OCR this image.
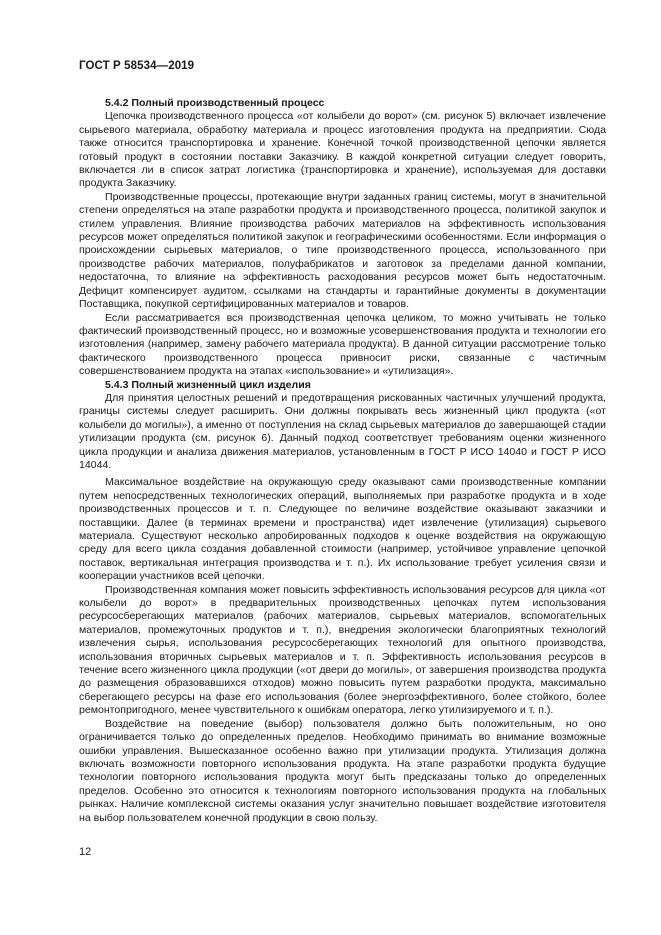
ГОСТ Р 58534—2019
5.4.2 Полный производственный процесс

Цепочка производственного процесса «от колыбели до ворот» (см. рисунок 5) включает извлечение сырьевого материала, обработку материала и процесс изготовления продукта на предприятии. Сюда также относится транспортировка и хранение. Конечной точкой производственной цепочки является готовый продукт в состоянии поставки Заказчику. В каждой конкретной ситуации следует говорить, включается ли в список затрат логистика (транспортировка и хранение), используемая для доставки продукта Заказчику.

Производственные процессы, протекающие внутри заданных границ системы, могут в значительной степени определяться на этапе разработки продукта и производственного процесса, политикой закупок и стилем управления. Влияние производства рабочих материалов на эффективность использования ресурсов может определяться политикой закупок и географическими особенностями. Если информация о происхождении сырьевых материалов, о типе производственного процесса, использованного при производстве рабочих материалов, полуфабрикатов и заготовок за пределами данной компании, недостаточна, то влияние на эффективность расходования ресурсов может быть недостаточным. Дефицит компенсирует аудитом, ссылками на стандарты и гарантийные документы в документации Поставщика, покупкой сертифицированных материалов и товаров.

Если рассматривается вся производственная цепочка целиком, то можно учитывать не только фактический производственный процесс, но и возможные усовершенствования продукта и технологии его изготовления (например, замену рабочего материала продукта). В данной ситуации рассмотрение только фактического производственного процесса привносит риски, связанные с частичным совершенствованием продукта на этапах «использование» и «утилизация».

5.4.3 Полный жизненный цикл изделия

Для принятия целостных решений и предотвращения рискованных частичных улучшений продукта, границы системы следует расширить. Они должны покрывать весь жизненный цикл продукта («от колыбели до могилы»), а именно от поступления на склад сырьевых материалов до завершающей стадии утилизации продукта (см. рисунок 6). Данный подход соответствует требованиям оценки жизненного цикла продукции и анализа движения материалов, установленным в ГОСТ Р ИСО 14040 и ГОСТ Р ИСО 14044.

Максимальное воздействие на окружающую среду оказывают сами производственные компании путем непосредственных технологических операций, выполняемых при разработке продукта и в ходе производственных процессов и т. п. Следующее по величине воздействие оказывают заказчики и поставщики. Далее (в терминах времени и пространства) идет извлечение (утилизация) сырьевого материала. Существуют несколько апробированных подходов к оценке воздействия на окружающую среду для всего цикла создания добавленной стоимости (например, устойчивое управление цепочкой поставок, вертикальная интеграция производства и т. п.). Их использование требует усиления связи и кооперации участников всей цепочки.

Производственная компания может повысить эффективность использования ресурсов для цикла «от колыбели до ворот» в предварительных производственных цепочках путем использования ресурсосберегающих материалов (рабочих материалов, сырьевых материалов, вспомогательных материалов, промежуточных продуктов и т. п.), внедрения экологически благоприятных технологий извлечения сырья, использования ресурсосберегающих технологий для опытного производства, использования вторичных сырьевых материалов и т. п. Эффективность использования ресурсов в течение всего жизненного цикла продукции («от двери до могилы», от завершения производства продукта до размещения образовавшихся отходов) можно повысить путем разработки продукта, максимально сберегающего ресурсы на фазе его использования (более энергоэффективного, более стойкого, более ремонтопригодного, менее чувствительного к ошибкам оператора, легко утилизируемого и т. п.).

Воздействие на поведение (выбор) пользователя должно быть положительным, но оно ограничивается только до определенных пределов. Необходимо принимать во внимание возможные ошибки управления. Вышесказанное особенно важно при утилизации продукта. Утилизация должна включать возможности повторного использования продукта. На этапе разработки продукта будущие технологии повторного использования продукта могут быть предсказаны только до определенных пределов. Особенно это относится к технологиям повторного использования продукта на глобальных рынках. Наличие комплексной системы оказания услуг значительно повышает воздействие изготовителя на выбор пользователем конечной продукции в свою пользу.

12
